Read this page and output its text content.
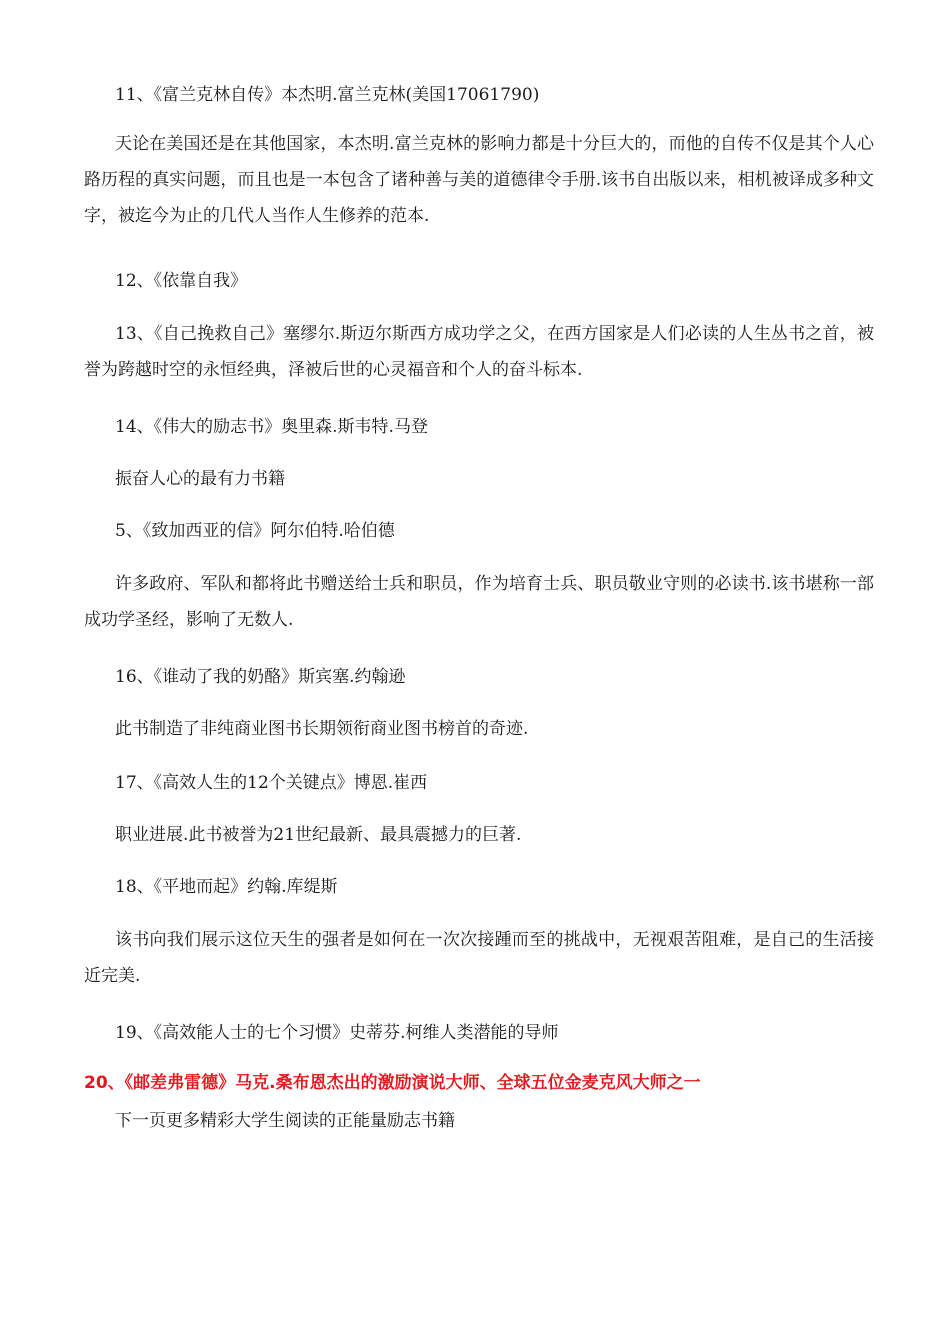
11、《富兰克林自传》本杰明.富兰克林(美国17061790)
天论在美国还是在其他国家，本杰明.富兰克林的影响力都是十分巨大的，而他的自传不仅是其个人心路历程的真实问题，而且也是一本包含了诸种善与美的道德律令手册.该书自出版以来，相机被译成多种文字，被迄今为止的几代人当作人生修养的范本.
12、《依靠自我》
13、《自己挽救自己》塞缪尔.斯迈尔斯西方成功学之父，在西方国家是人们必读的人生丛书之首，被誉为跨越时空的永恒经典，泽被后世的心灵福音和个人的奋斗标本.
14、《伟大的励志书》奥里森.斯韦特.马登
振奋人心的最有力书籍
5、《致加西亚的信》阿尔伯特.哈伯德
许多政府、军队和都将此书赠送给士兵和职员，作为培育士兵、职员敬业守则的必读书.该书堪称一部成功学圣经，影响了无数人.
16、《谁动了我的奶酪》斯宾塞.约翰逊
此书制造了非纯商业图书长期领衔商业图书榜首的奇迹.
17、《高效人生的12个关键点》博恩.崔西
职业进展.此书被誉为21世纪最新、最具震撼力的巨著.
18、《平地而起》约翰.库缇斯
该书向我们展示这位天生的强者是如何在一次次接踵而至的挑战中，无视艰苦阻难，是自己的生活接近完美.
19、《高效能人士的七个习惯》史蒂芬.柯维人类潜能的导师
20、《邮差弗雷德》马克.桑布恩杰出的激励演说大师、全球五位金麦克风大师之一
下一页更多精彩大学生阅读的正能量励志书籍
